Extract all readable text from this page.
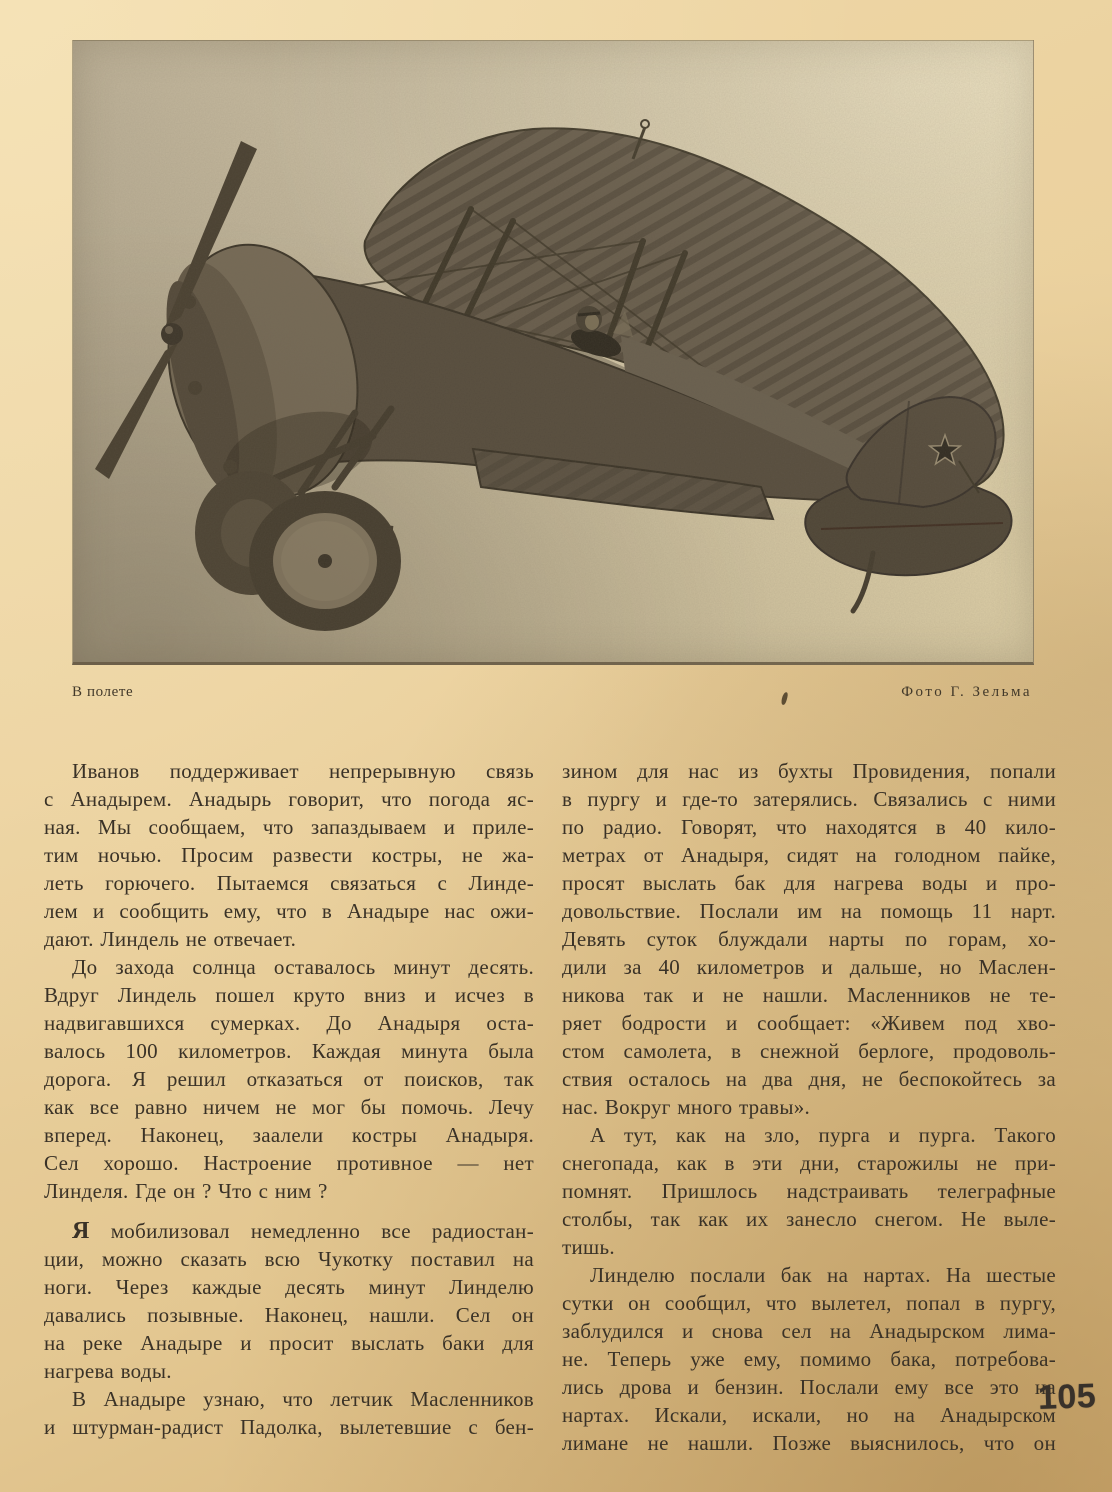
В полете	Фото Г. Зельма
Иванов поддерживает непрерывную связь
с Анадырем. Анадырь говорит, что погода яс-
ная. Мы сообщаем, что запаздываем и приле-
тим ночью. Просим развести костры, не жа-
леть горючего. Пытаемся связаться с Линде-
лем и сообщить ему, что в Анадыре нас ожи-
дают. Линдель не отвечает.
До захода солнца оставалось минут десять.
Вдруг Линдель пошел круто вниз и исчез в
надвигавшихся сумерках. До Анадыря оста-
валось 100 километров. Каждая минута была
дорога. Я решил отказаться от поисков, так
как все равно ничем не мог бы помочь. Лечу
вперед. Наконец, заалели костры Анадыря.
Сел хорошо. Настроение противное — нет
Линделя. Где он ? Что с ним ?
Я мобилизовал немедленно все радиостан-
ции, можно сказать всю Чукотку поставил на
ноги. Через каждые десять минут Линделю
давались позывные. Наконец, нашли. Сел он
на реке Анадыре и просит выслать баки для
нагрева воды.
В Анадыре узнаю, что летчик Масленников
и штурман-радист Падолка, вылетевшие с бен-
зином для нас из бухты Провидения, попали
в пургу и где-то затерялись. Связались с ними
по радио. Говорят, что находятся в 40 кило-
метрах от Анадыря, сидят на голодном пайке,
просят выслать бак для нагрева воды и про-
довольствие. Послали им на помощь 11 нарт.
Девять суток блуждали нарты по горам, хо-
дили за 40 километров и дальше, но Маслен-
никова так и не нашли. Масленников не те-
ряет бодрости и сообщает: «Живем под хво-
стом самолета, в снежной берлоге, продоволь-
ствия осталось на два дня, не беспокойтесь за
нас. Вокруг много травы».
А тут, как на зло, пурга и пурга. Такого
снегопада, как в эти дни, старожилы не при-
помнят. Пришлось надстраивать телеграфные
столбы, так как их занесло снегом. Не выле-
тишь.
Линделю послали бак на нартах. На шестые
сутки он сообщил, что вылетел, попал в пургу,
заблудился и снова сел на Анадырском лима-
не. Теперь уже ему, помимо бака, потребова-
лись дрова и бензин. Послали ему все это на
нартах. Искали, искали, но на Анадырском
лимане не нашли. Позже выяснилось, что он
105
